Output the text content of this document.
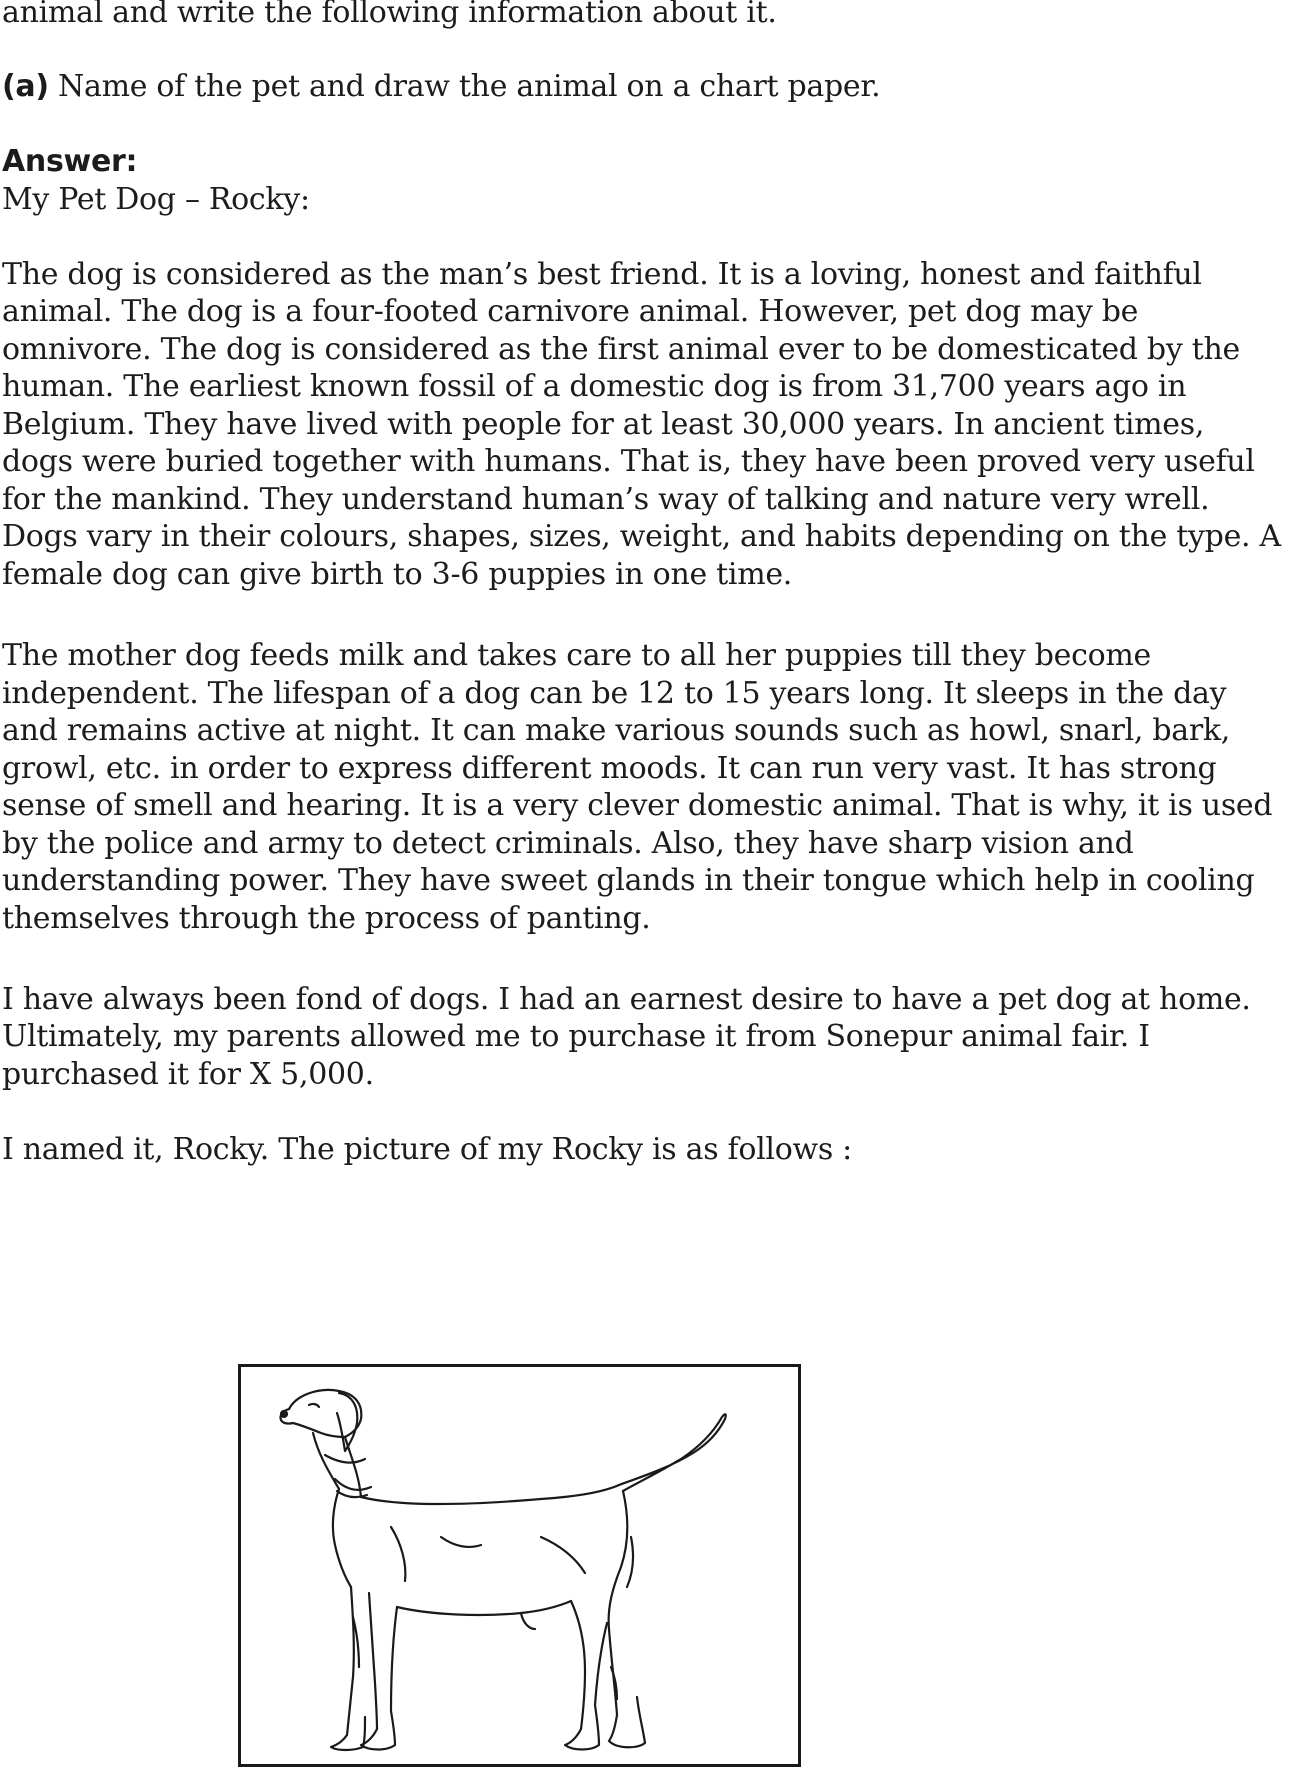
animal and write the following information about it.
(a) Name of the pet and draw the animal on a chart paper.
Answer:
My Pet Dog – Rocky:
The dog is considered as the man’s best friend. It is a loving, honest and faithful
animal. The dog is a four-footed carnivore animal. However, pet dog may be
omnivore. The dog is considered as the first animal ever to be domesticated by the
human. The earliest known fossil of a domestic dog is from 31,700 years ago in
Belgium. They have lived with people for at least 30,000 years. In ancient times,
dogs were buried together with humans. That is, they have been proved very useful
for the mankind. They understand human’s way of talking and nature very wrell.
Dogs vary in their colours, shapes, sizes, weight, and habits depending on the type. A
female dog can give birth to 3-6 puppies in one time.
The mother dog feeds milk and takes care to all her puppies till they become
independent. The lifespan of a dog can be 12 to 15 years long. It sleeps in the day
and remains active at night. It can make various sounds such as howl, snarl, bark,
growl, etc. in order to express different moods. It can run very vast. It has strong
sense of smell and hearing. It is a very clever domestic animal. That is why, it is used
by the police and army to detect criminals. Also, they have sharp vision and
understanding power. They have sweet glands in their tongue which help in cooling
themselves through the process of panting.
I have always been fond of dogs. I had an earnest desire to have a pet dog at home.
Ultimately, my parents allowed me to purchase it from Sonepur animal fair. I
purchased it for X 5,000.
I named it, Rocky. The picture of my Rocky is as follows :
